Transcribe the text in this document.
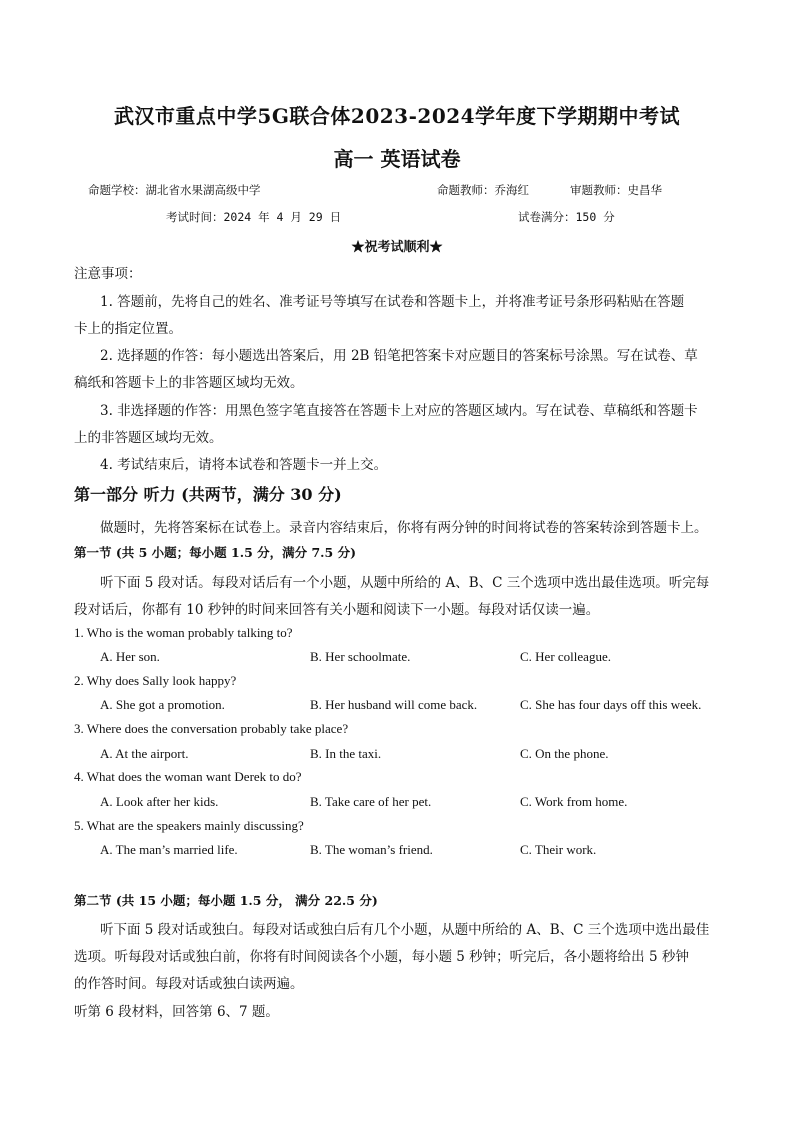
武汉市重点中学5G联合体2023-2024学年度下学期期中考试
高一 英语试卷
命题学校：湖北省水果湖高级中学	命题教师：乔海红	审题教师：史昌华
考试时间：2024 年 4 月 29 日	试卷满分：150 分
★祝考试顺利★
注意事项：
1. 答题前，先将自己的姓名、准考证号等填写在试卷和答题卡上，并将准考证号条形码粘贴在答题
卡上的指定位置。
2. 选择题的作答：每小题选出答案后，用 2B 铅笔把答案卡对应题目的答案标号涂黑。写在试卷、草
稿纸和答题卡上的非答题区域均无效。
3. 非选择题的作答：用黑色签字笔直接答在答题卡上对应的答题区域内。写在试卷、草稿纸和答题卡
上的非答题区域均无效。
4. 考试结束后，请将本试卷和答题卡一并上交。
第一部分 听力 (共两节，满分 30 分)
做题时，先将答案标在试卷上。录音内容结束后，你将有两分钟的时间将试卷的答案转涂到答题卡上。
第一节 (共 5 小题；每小题 1.5 分，满分 7.5 分)
听下面 5 段对话。每段对话后有一个小题，从题中所给的 A、B、C 三个选项中选出最佳选项。听完每
段对话后，你都有 10 秒钟的时间来回答有关小题和阅读下一小题。每段对话仅读一遍。
1. Who is the woman probably talking to?
A. Her son.	B. Her schoolmate.	C. Her colleague.
2. Why does Sally look happy?
A. She got a promotion.	B. Her husband will come back.	C. She has four days off this week.
3. Where does the conversation probably take place?
A. At the airport.	B. In the taxi.	C. On the phone.
4. What does the woman want Derek to do?
A. Look after her kids.	B. Take care of her pet.	C. Work from home.
5. What are the speakers mainly discussing?
A. The man’s married life.	B. The woman’s friend.	C. Their work.
第二节 (共 15 小题；每小题 1.5 分， 满分 22.5 分)
听下面 5 段对话或独白。每段对话或独白后有几个小题，从题中所给的 A、B、C 三个选项中选出最佳
选项。听每段对话或独白前，你将有时间阅读各个小题，每小题 5 秒钟；听完后，各小题将给出 5 秒钟
的作答时间。每段对话或独白读两遍。
听第 6 段材料，回答第 6、7 题。
